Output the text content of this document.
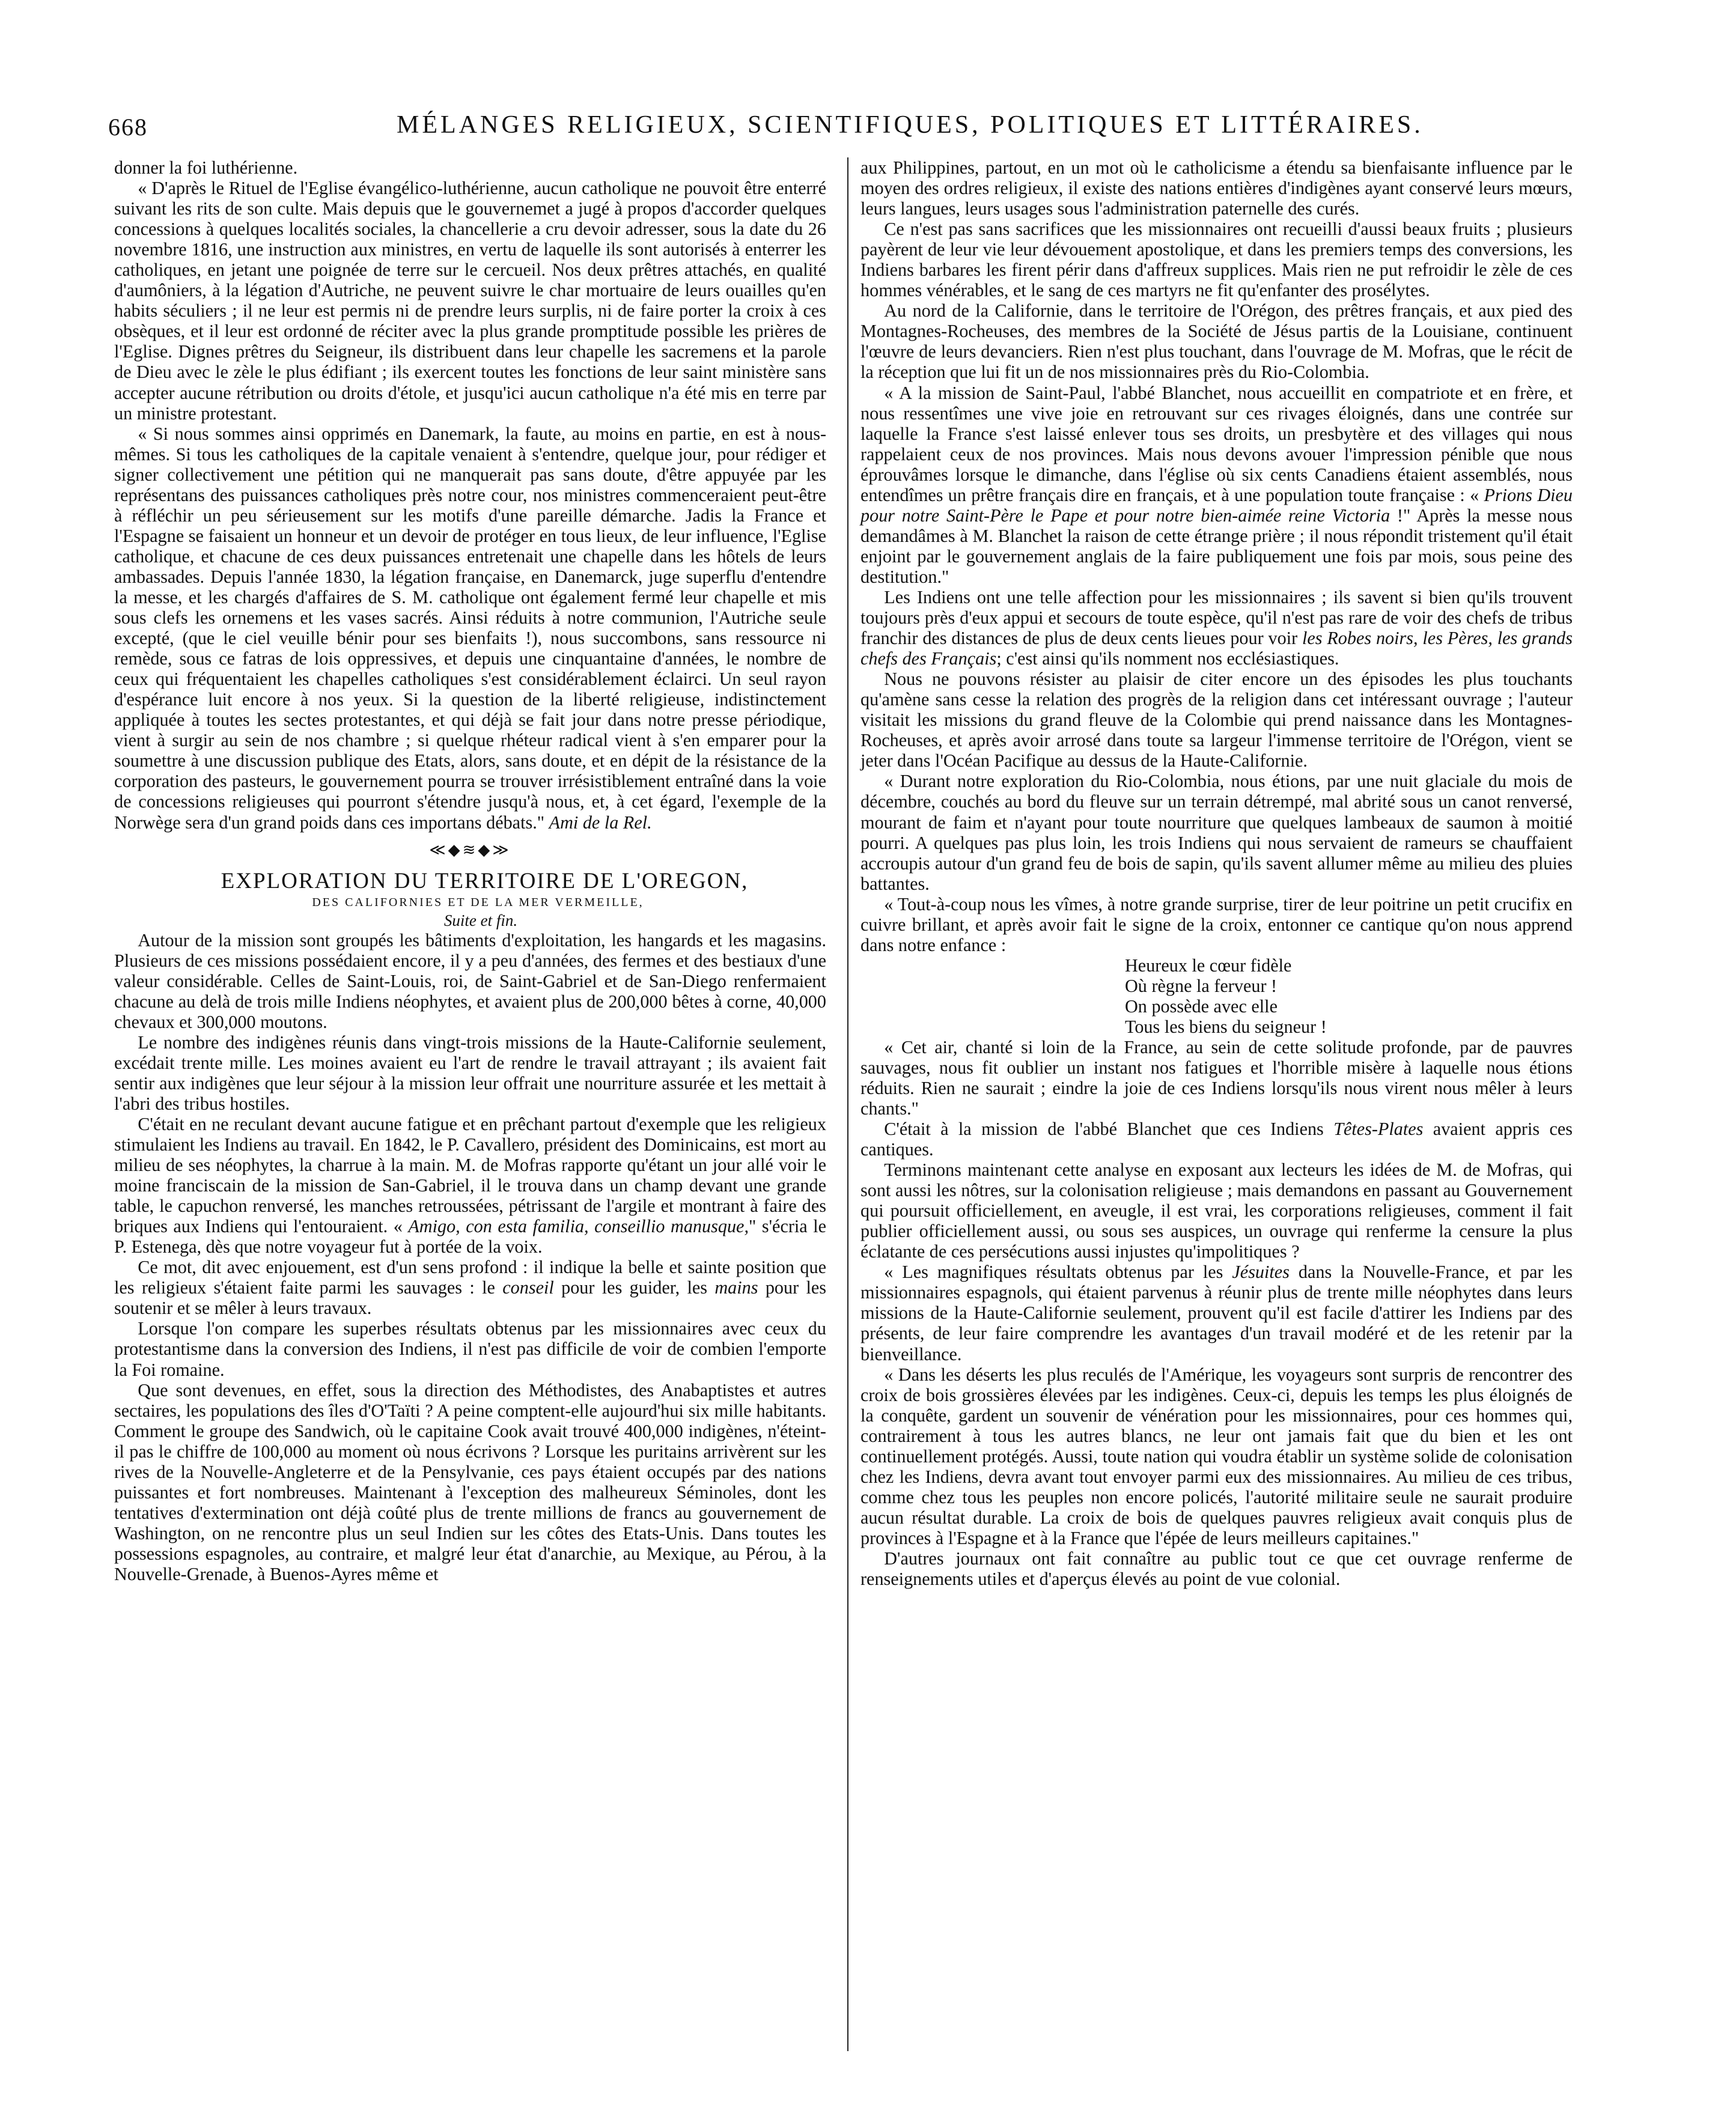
668	MÉLANGES RELIGIEUX, SCIENTIFIQUES, POLITIQUES ET LITTÉRAIRES.

donner la foi luthérienne.

« D'après le Rituel de l'Eglise évangélico-luthérienne, aucun catholique ne pouvoit être enterré suivant les rits de son culte. Mais depuis que le gouvernemet a jugé à propos d'accorder quelques concessions à quelques localités sociales, la chancellerie a cru devoir adresser, sous la date du 26 novembre 1816, une instruction aux ministres, en vertu de laquelle ils sont autorisés à enterrer les catholiques, en jetant une poignée de terre sur le cercueil. Nos deux prêtres attachés, en qualité d'aumôniers, à la légation d'Autriche, ne peuvent suivre le char mortuaire de leurs ouailles qu'en habits séculiers ; il ne leur est permis ni de prendre leurs surplis, ni de faire porter la croix à ces obsèques, et il leur est ordonné de réciter avec la plus grande promptitude possible les prières de l'Eglise. Dignes prêtres du Seigneur, ils distribuent dans leur chapelle les sacremens et la parole de Dieu avec le zèle le plus édifiant ; ils exercent toutes les fonctions de leur saint ministère sans accepter aucune rétribution ou droits d'étole, et jusqu'ici aucun catholique n'a été mis en terre par un ministre protestant.

« Si nous sommes ainsi opprimés en Danemark, la faute, au moins en partie, en est à nous-mêmes. Si tous les catholiques de la capitale venaient à s'entendre, quelque jour, pour rédiger et signer collectivement une pétition qui ne manquerait pas sans doute, d'être appuyée par les représentans des puissances catholiques près notre cour, nos ministres commenceraient peut-être à réfléchir un peu sérieusement sur les motifs d'une pareille démarche. Jadis la France et l'Espagne se faisaient un honneur et un devoir de protéger en tous lieux, de leur influence, l'Eglise catholique, et chacune de ces deux puissances entretenait une chapelle dans les hôtels de leurs ambassades. Depuis l'année 1830, la légation française, en Danemarck, juge superflu d'entendre la messe, et les chargés d'affaires de S. M. catholique ont également fermé leur chapelle et mis sous clefs les ornemens et les vases sacrés. Ainsi réduits à notre communion, l'Autriche seule excepté, (que le ciel veuille bénir pour ses bienfaits !), nous succombons, sans ressource ni remède, sous ce fatras de lois oppressives, et depuis une cinquantaine d'années, le nombre de ceux qui fréquentaient les chapelles catholiques s'est considérablement éclairci. Un seul rayon d'espérance luit encore à nos yeux. Si la question de la liberté religieuse, indistinctement appliquée à toutes les sectes protestantes, et qui déjà se fait jour dans notre presse périodique, vient à surgir au sein de nos chambre ; si quelque rhéteur radical vient à s'en emparer pour la soumettre à une discussion publique des Etats, alors, sans doute, et en dépit de la résistance de la corporation des pasteurs, le gouvernement pourra se trouver irrésistiblement entraîné dans la voie de concessions religieuses qui pourront s'étendre jusqu'à nous, et, à cet égard, l'exemple de la Norwège sera d'un grand poids dans ces importans débats." Ami de la Rel.

≪◆≋◆≫

EXPLORATION DU TERRITOIRE DE L'OREGON,

DES CALIFORNIES ET DE LA MER VERMEILLE,

Suite et fin.

Autour de la mission sont groupés les bâtiments d'exploitation, les hangards et les magasins. Plusieurs de ces missions possédaient encore, il y a peu d'années, des fermes et des bestiaux d'une valeur considérable. Celles de Saint-Louis, roi, de Saint-Gabriel et de San-Diego renfermaient chacune au delà de trois mille Indiens néophytes, et avaient plus de 200,000 bêtes à corne, 40,000 chevaux et 300,000 moutons.

Le nombre des indigènes réunis dans vingt-trois missions de la Haute-Californie seulement, excédait trente mille. Les moines avaient eu l'art de rendre le travail attrayant ; ils avaient fait sentir aux indigènes que leur séjour à la mission leur offrait une nourriture assurée et les mettait à l'abri des tribus hostiles.

C'était en ne reculant devant aucune fatigue et en prêchant partout d'exemple que les religieux stimulaient les Indiens au travail. En 1842, le P. Cavallero, président des Dominicains, est mort au milieu de ses néophytes, la charrue à la main. M. de Mofras rapporte qu'étant un jour allé voir le moine franciscain de la mission de San-Gabriel, il le trouva dans un champ devant une grande table, le capuchon renversé, les manches retroussées, pétrissant de l'argile et montrant à faire des briques aux Indiens qui l'entouraient. « Amigo, con esta familia, conseillio manusque," s'écria le P. Estenega, dès que notre voyageur fut à portée de la voix.

Ce mot, dit avec enjouement, est d'un sens profond : il indique la belle et sainte position que les religieux s'étaient faite parmi les sauvages : le conseil pour les guider, les mains pour les soutenir et se mêler à leurs travaux.

Lorsque l'on compare les superbes résultats obtenus par les missionnaires avec ceux du protestantisme dans la conversion des Indiens, il n'est pas difficile de voir de combien l'emporte la Foi romaine.

Que sont devenues, en effet, sous la direction des Méthodistes, des Anabaptistes et autres sectaires, les populations des îles d'O'Taïti ? A peine comptent-elle aujourd'hui six mille habitants. Comment le groupe des Sandwich, où le capitaine Cook avait trouvé 400,000 indigènes, n'éteint-il pas le chiffre de 100,000 au moment où nous écrivons ? Lorsque les puritains arrivèrent sur les rives de la Nouvelle-Angleterre et de la Pensylvanie, ces pays étaient occupés par des nations puissantes et fort nombreuses. Maintenant à l'exception des malheureux Séminoles, dont les tentatives d'extermination ont déjà coûté plus de trente millions de francs au gouvernement de Washington, on ne rencontre plus un seul Indien sur les côtes des Etats-Unis. Dans toutes les possessions espagnoles, au contraire, et malgré leur état d'anarchie, au Mexique, au Pérou, à la Nouvelle-Grenade, à Buenos-Ayres même et

aux Philippines, partout, en un mot où le catholicisme a étendu sa bienfaisante influence par le moyen des ordres religieux, il existe des nations entières d'indigènes ayant conservé leurs mœurs, leurs langues, leurs usages sous l'administration paternelle des curés.

Ce n'est pas sans sacrifices que les missionnaires ont recueilli d'aussi beaux fruits ; plusieurs payèrent de leur vie leur dévouement apostolique, et dans les premiers temps des conversions, les Indiens barbares les firent périr dans d'affreux supplices. Mais rien ne put refroidir le zèle de ces hommes vénérables, et le sang de ces martyrs ne fit qu'enfanter des prosélytes.

Au nord de la Californie, dans le territoire de l'Orégon, des prêtres français, et aux pied des Montagnes-Rocheuses, des membres de la Société de Jésus partis de la Louisiane, continuent l'œuvre de leurs devanciers. Rien n'est plus touchant, dans l'ouvrage de M. Mofras, que le récit de la réception que lui fit un de nos missionnaires près du Rio-Colombia.

« A la mission de Saint-Paul, l'abbé Blanchet, nous accueillit en compatriote et en frère, et nous ressentîmes une vive joie en retrouvant sur ces rivages éloignés, dans une contrée sur laquelle la France s'est laissé enlever tous ses droits, un presbytère et des villages qui nous rappelaient ceux de nos provinces. Mais nous devons avouer l'impression pénible que nous éprouvâmes lorsque le dimanche, dans l'église où six cents Canadiens étaient assemblés, nous entendîmes un prêtre français dire en français, et à une population toute française : « Prions Dieu pour notre Saint-Père le Pape et pour notre bien-aimée reine Victoria !" Après la messe nous demandâmes à M. Blanchet la raison de cette étrange prière ; il nous répondit tristement qu'il était enjoint par le gouvernement anglais de la faire publiquement une fois par mois, sous peine des destitution."

Les Indiens ont une telle affection pour les missionnaires ; ils savent si bien qu'ils trouvent toujours près d'eux appui et secours de toute espèce, qu'il n'est pas rare de voir des chefs de tribus franchir des distances de plus de deux cents lieues pour voir les Robes noirs, les Pères, les grands chefs des Français; c'est ainsi qu'ils nomment nos ecclésiastiques.

Nous ne pouvons résister au plaisir de citer encore un des épisodes les plus touchants qu'amène sans cesse la relation des progrès de la religion dans cet intéressant ouvrage ; l'auteur visitait les missions du grand fleuve de la Colombie qui prend naissance dans les Montagnes-Rocheuses, et après avoir arrosé dans toute sa largeur l'immense territoire de l'Orégon, vient se jeter dans l'Océan Pacifique au dessus de la Haute-Californie.

« Durant notre exploration du Rio-Colombia, nous étions, par une nuit glaciale du mois de décembre, couchés au bord du fleuve sur un terrain détrempé, mal abrité sous un canot renversé, mourant de faim et n'ayant pour toute nourriture que quelques lambeaux de saumon à moitié pourri. A quelques pas plus loin, les trois Indiens qui nous servaient de rameurs se chauffaient accroupis autour d'un grand feu de bois de sapin, qu'ils savent allumer même au milieu des pluies battantes.

« Tout-à-coup nous les vîmes, à notre grande surprise, tirer de leur poitrine un petit crucifix en cuivre brillant, et après avoir fait le signe de la croix, entonner ce cantique qu'on nous apprend dans notre enfance :

Heureux le cœur fidèle
Où règne la ferveur !
On possède avec elle
Tous les biens du seigneur !

« Cet air, chanté si loin de la France, au sein de cette solitude profonde, par de pauvres sauvages, nous fit oublier un instant nos fatigues et l'horrible misère à laquelle nous étions réduits. Rien ne saurait ; eindre la joie de ces Indiens lorsqu'ils nous virent nous mêler à leurs chants."

C'était à la mission de l'abbé Blanchet que ces Indiens Têtes-Plates avaient appris ces cantiques.

Terminons maintenant cette analyse en exposant aux lecteurs les idées de M. de Mofras, qui sont aussi les nôtres, sur la colonisation religieuse ; mais demandons en passant au Gouvernement qui poursuit officiellement, en aveugle, il est vrai, les corporations religieuses, comment il fait publier officiellement aussi, ou sous ses auspices, un ouvrage qui renferme la censure la plus éclatante de ces persécutions aussi injustes qu'impolitiques ?

« Les magnifiques résultats obtenus par les Jésuites dans la Nouvelle-France, et par les missionnaires espagnols, qui étaient parvenus à réunir plus de trente mille néophytes dans leurs missions de la Haute-Californie seulement, prouvent qu'il est facile d'attirer les Indiens par des présents, de leur faire comprendre les avantages d'un travail modéré et de les retenir par la bienveillance.

« Dans les déserts les plus reculés de l'Amérique, les voyageurs sont surpris de rencontrer des croix de bois grossières élevées par les indigènes. Ceux-ci, depuis les temps les plus éloignés de la conquête, gardent un souvenir de vénération pour les missionnaires, pour ces hommes qui, contrairement à tous les autres blancs, ne leur ont jamais fait que du bien et les ont continuellement protégés. Aussi, toute nation qui voudra établir un système solide de colonisation chez les Indiens, devra avant tout envoyer parmi eux des missionnaires. Au milieu de ces tribus, comme chez tous les peuples non encore policés, l'autorité militaire seule ne saurait produire aucun résultat durable. La croix de bois de quelques pauvres religieux avait conquis plus de provinces à l'Espagne et à la France que l'épée de leurs meilleurs capitaines."

D'autres journaux ont fait connaître au public tout ce que cet ouvrage renferme de renseignements utiles et d'aperçus élevés au point de vue colonial.
